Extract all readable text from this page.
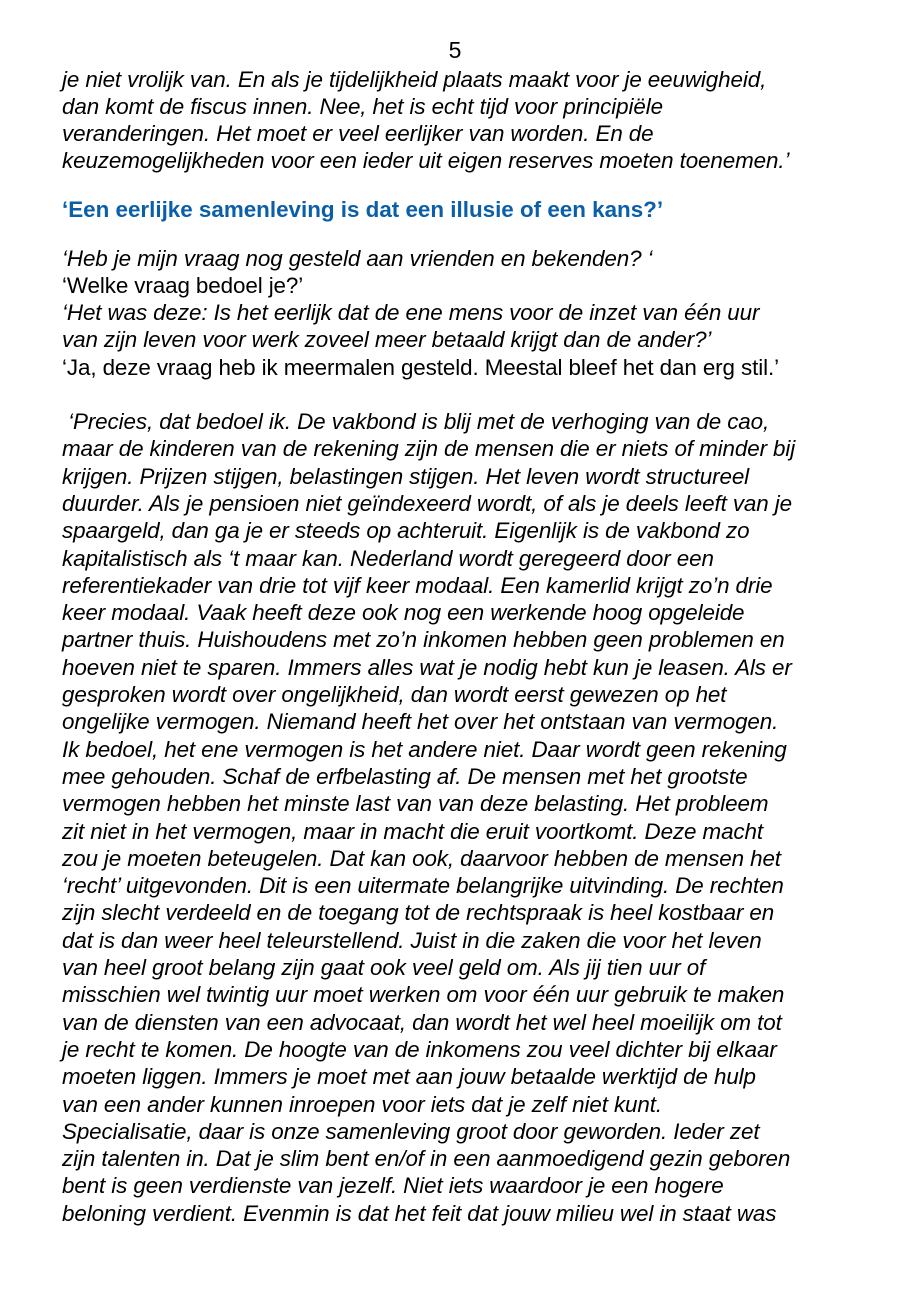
5
je niet vrolijk van. En als je tijdelijkheid plaats maakt voor je eeuwigheid,
dan komt de fiscus innen. Nee, het is echt tijd voor principiële
veranderingen. Het moet er veel eerlijker van worden. En de
keuzemogelijkheden voor een ieder uit eigen reserves moeten toenemen.’
‘Een eerlijke samenleving is dat een illusie of een kans?’
‘Heb je mijn vraag nog gesteld aan vrienden en bekenden? ‘
‘Welke vraag bedoel je?’
‘Het was deze: Is het eerlijk dat de ene mens voor de inzet van één uur
van zijn leven voor werk zoveel meer betaald krijgt dan de ander?’
‘Ja, deze vraag heb ik meermalen gesteld. Meestal bleef het dan erg stil.’
‘Precies, dat bedoel ik. De vakbond is blij met de verhoging van de cao,
maar de kinderen van de rekening zijn de mensen die er niets of minder bij
krijgen. Prijzen stijgen, belastingen stijgen. Het leven wordt structureel
duurder. Als je pensioen niet geïndexeerd wordt, of als je deels leeft van je
spaargeld, dan ga je er steeds op achteruit. Eigenlijk is de vakbond zo
kapitalistisch als ‘t maar kan. Nederland wordt geregeerd door een
referentiekader van drie tot vijf keer modaal. Een kamerlid krijgt zo’n drie
keer modaal. Vaak heeft deze ook nog een werkende hoog opgeleide
partner thuis. Huishoudens met zo’n inkomen hebben geen problemen en
hoeven niet te sparen. Immers alles wat je nodig hebt kun je leasen. Als er
gesproken wordt over ongelijkheid, dan wordt eerst gewezen op het
ongelijke vermogen. Niemand heeft het over het ontstaan van vermogen.
Ik bedoel, het ene vermogen is het andere niet. Daar wordt geen rekening
mee gehouden. Schaf de erfbelasting af. De mensen met het grootste
vermogen hebben het minste last van van deze belasting. Het probleem
zit niet in het vermogen, maar in macht die eruit voortkomt. Deze macht
zou je moeten beteugelen. Dat kan ook, daarvoor hebben de mensen het
‘recht’ uitgevonden. Dit is een uitermate belangrijke uitvinding. De rechten
zijn slecht verdeeld en de toegang tot de rechtspraak is heel kostbaar en
dat is dan weer heel teleurstellend. Juist in die zaken die voor het leven
van heel groot belang zijn gaat ook veel geld om. Als jij tien uur of
misschien wel twintig uur moet werken om voor één uur gebruik te maken
van de diensten van een advocaat, dan wordt het wel heel moeilijk om tot
je recht te komen. De hoogte van de inkomens zou veel dichter bij elkaar
moeten liggen. Immers je moet met aan jouw betaalde werktijd de hulp
van een ander kunnen inroepen voor iets dat je zelf niet kunt.
Specialisatie, daar is onze samenleving groot door geworden. Ieder zet
zijn talenten in. Dat je slim bent en/of in een aanmoedigend gezin geboren
bent is geen verdienste van jezelf. Niet iets waardoor je een hogere
beloning verdient. Evenmin is dat het feit dat jouw milieu wel in staat was
